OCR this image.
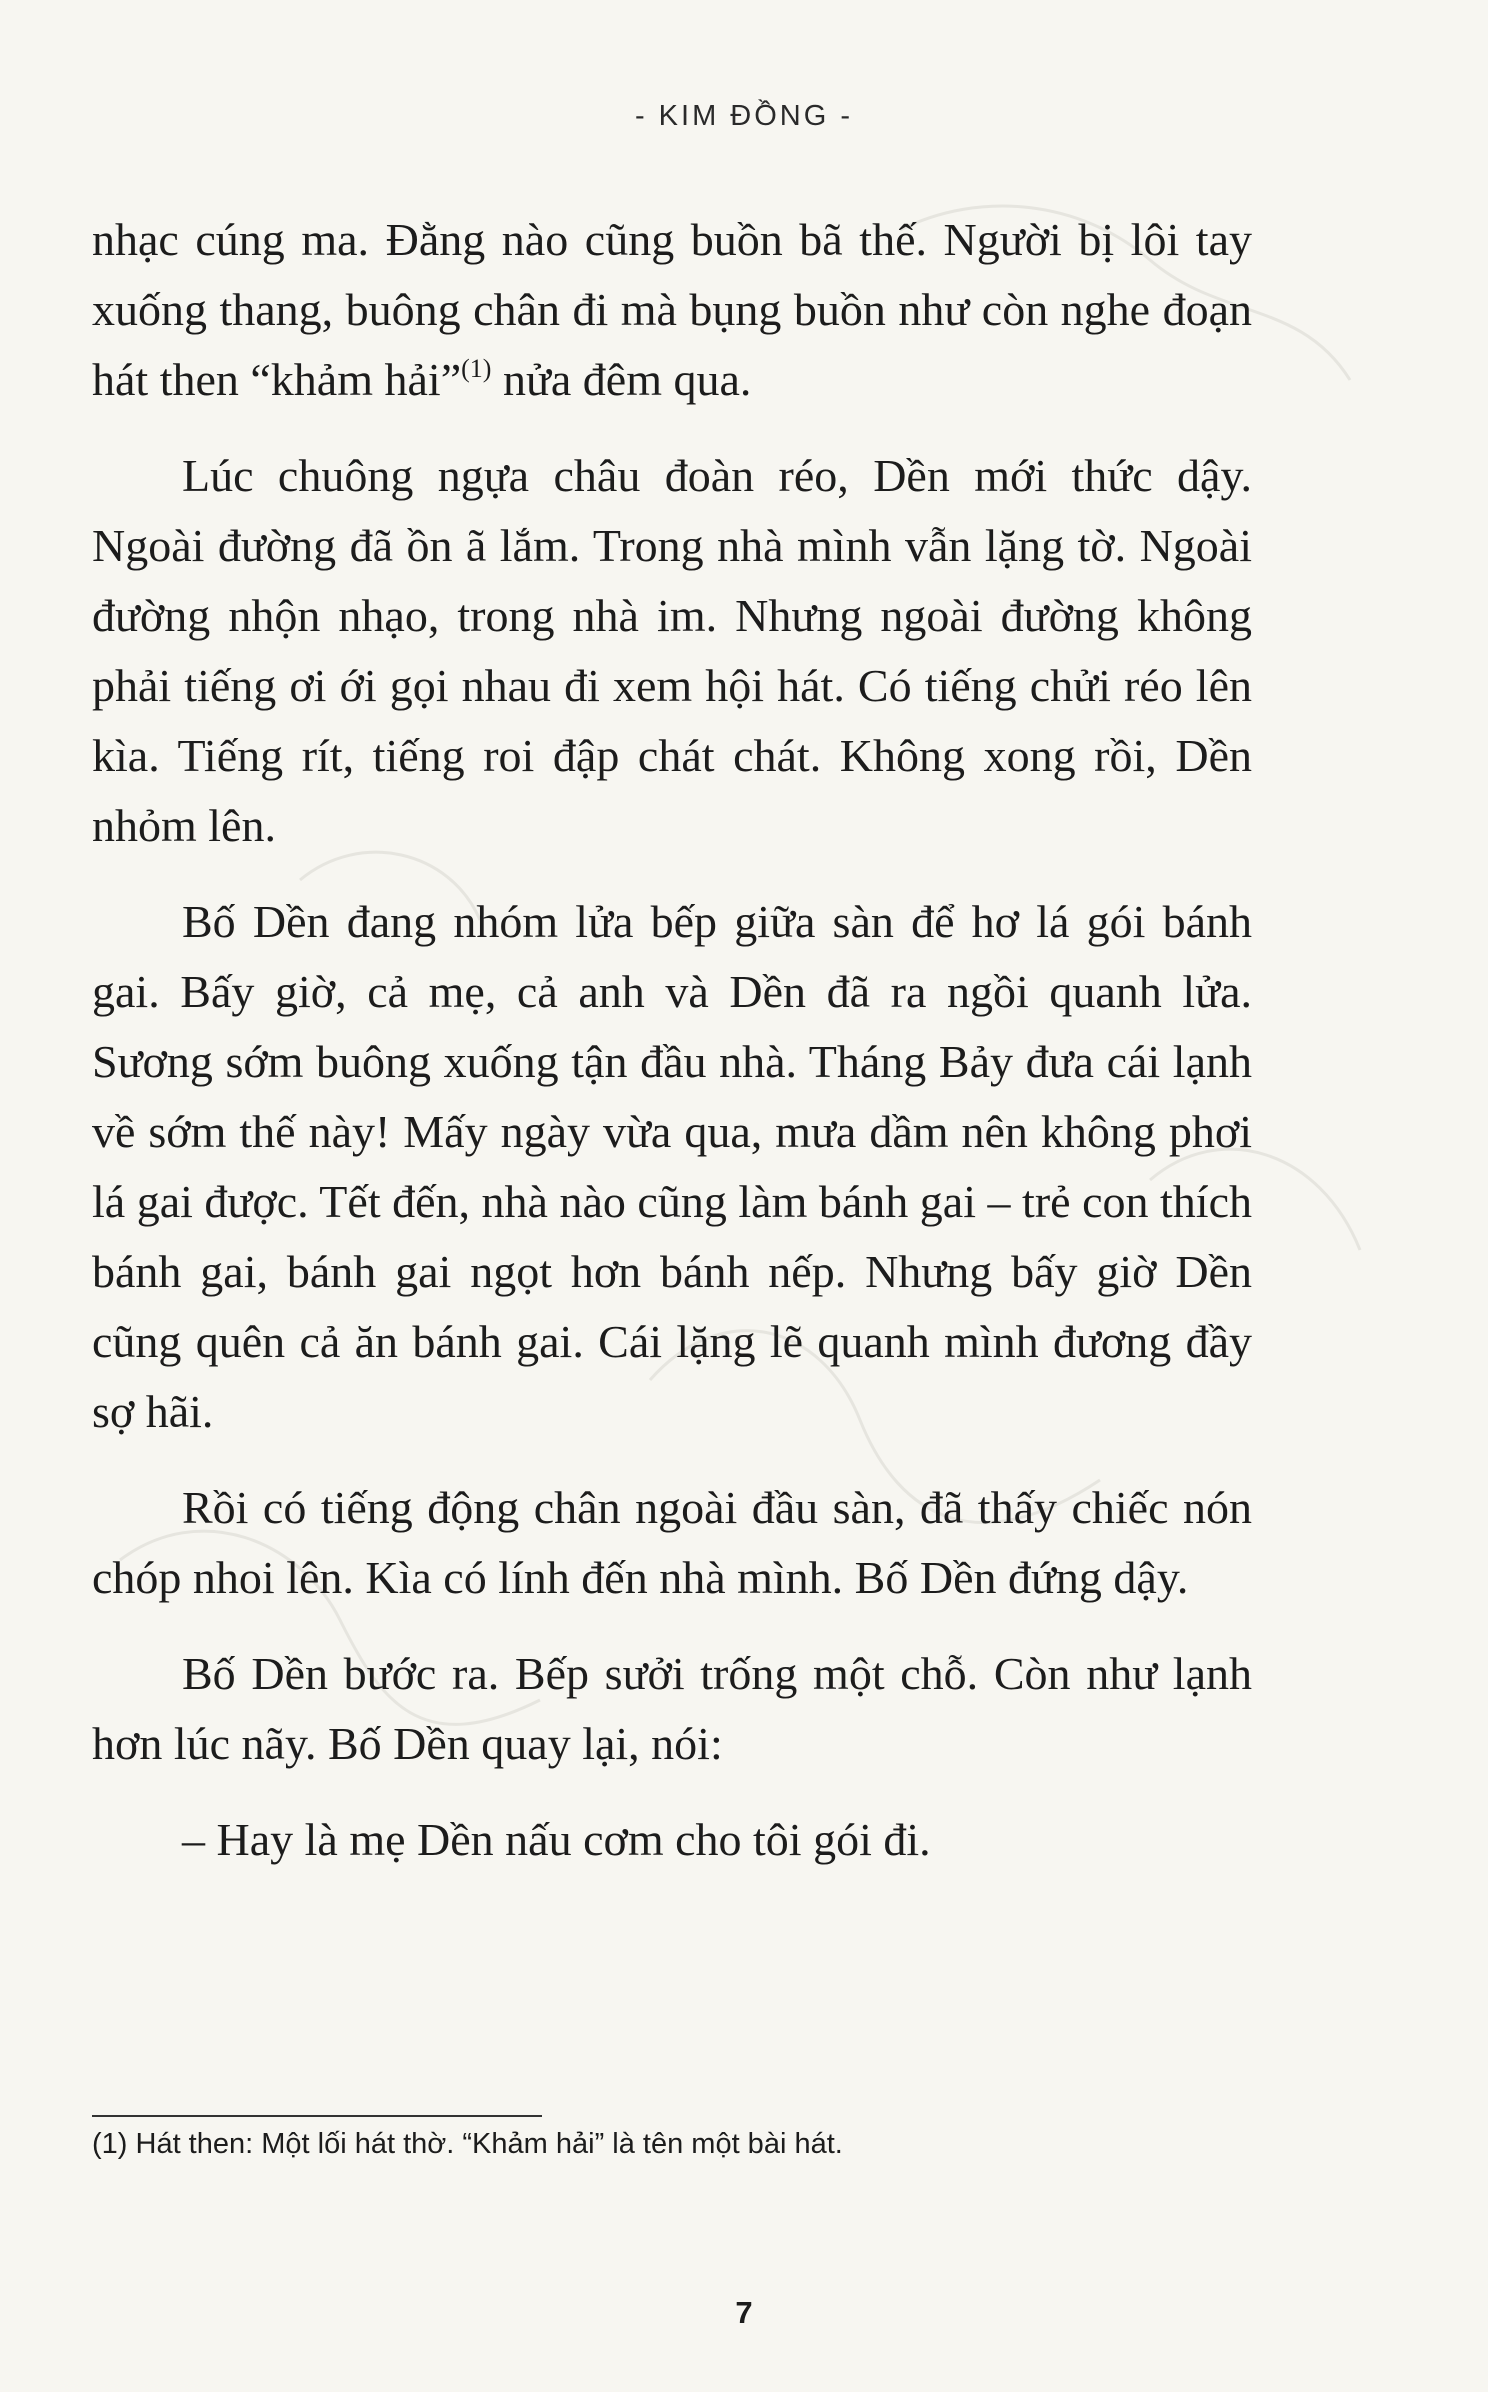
- KIM ĐỒNG -

nhạc cúng ma. Đằng nào cũng buồn bã thế. Người bị lôi tay xuống thang, buông chân đi mà bụng buồn như còn nghe đoạn hát then “khảm hải”$^{(1)}$ nửa đêm qua.

Lúc chuông ngựa châu đoàn réo, Dền mới thức dậy. Ngoài đường đã ồn ã lắm. Trong nhà mình vẫn lặng tờ. Ngoài đường nhộn nhạo, trong nhà im. Nhưng ngoài đường không phải tiếng ơi ới gọi nhau đi xem hội hát. Có tiếng chửi réo lên kìa. Tiếng rít, tiếng roi đập chát chát. Không xong rồi, Dền nhỏm lên.

Bố Dền đang nhóm lửa bếp giữa sàn để hơ lá gói bánh gai. Bấy giờ, cả mẹ, cả anh và Dền đã ra ngồi quanh lửa. Sương sớm buông xuống tận đầu nhà. Tháng Bảy đưa cái lạnh về sớm thế này! Mấy ngày vừa qua, mưa dầm nên không phơi lá gai được. Tết đến, nhà nào cũng làm bánh gai – trẻ con thích bánh gai, bánh gai ngọt hơn bánh nếp. Nhưng bấy giờ Dền cũng quên cả ăn bánh gai. Cái lặng lẽ quanh mình đương đầy sợ hãi.

Rồi có tiếng động chân ngoài đầu sàn, đã thấy chiếc nón chóp nhoi lên. Kìa có lính đến nhà mình. Bố Dền đứng dậy.

Bố Dền bước ra. Bếp sưởi trống một chỗ. Còn như lạnh hơn lúc nãy. Bố Dền quay lại, nói:

– Hay là mẹ Dền nấu cơm cho tôi gói đi.

(1) Hát then: Một lối hát thờ. “Khảm hải” là tên một bài hát.
7
